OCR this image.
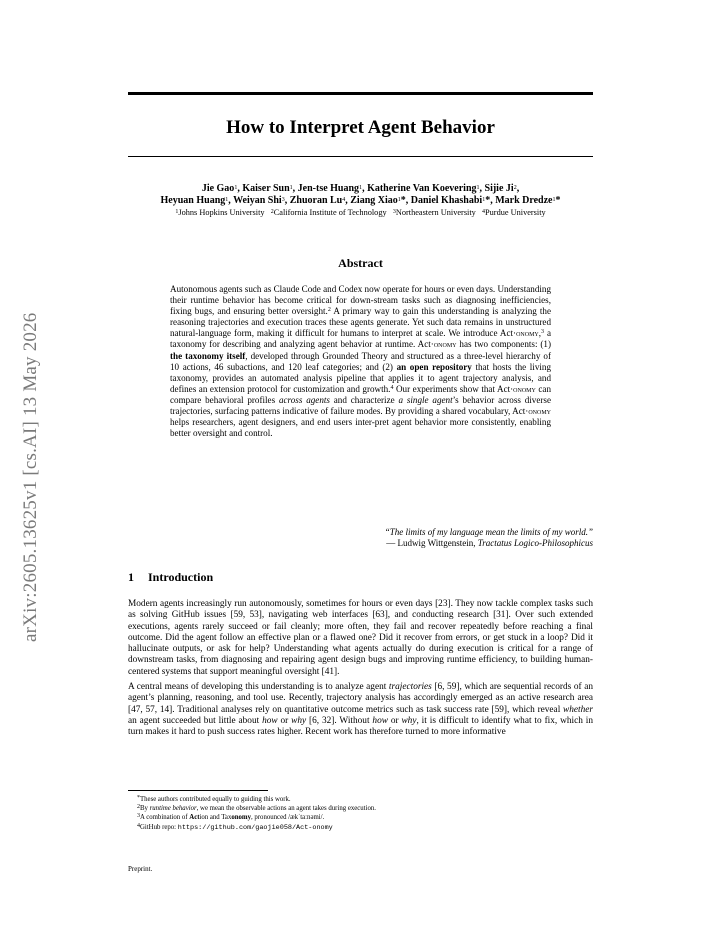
arXiv:2605.13625v1 [cs.AI] 13 May 2026
How to Interpret Agent Behavior

Jie Gao$^1$, Kaiser Sun$^1$, Jen-tse Huang$^1$, Katherine Van Koevering$^1$, Sijie Ji$^2$,
Heyuan Huang$^1$, Weiyan Shi$^3$, Zhuoran Lu$^4$, Ziang Xiao$^1$*, Daniel Khashabi$^1$*, Mark Dredze$^1$*

$^1$Johns Hopkins University   $^2$California Institute of Technology   $^3$Northeastern University   $^4$Purdue University

Abstract

Autonomous agents such as Claude Code and Codex now operate for hours or even days. Understanding their runtime behavior has become critical for down-stream tasks such as diagnosing inefficiencies, fixing bugs, and ensuring better oversight.$^2$ A primary way to gain this understanding is analyzing the reasoning trajectories and execution traces these agents generate. Yet such data remains in unstructured natural-language form, making it difficult for humans to interpret at scale. We introduce Act·onomy,$^3$ a taxonomy for describing and analyzing agent behavior at runtime. Act·onomy has two components: (1) the taxonomy itself, developed through Grounded Theory and structured as a three-level hierarchy of 10 actions, 46 subactions, and 120 leaf categories; and (2) an open repository that hosts the living taxonomy, provides an automated analysis pipeline that applies it to agent trajectory analysis, and defines an extension protocol for customization and growth.$^4$ Our experiments show that Act·onomy can compare behavioral profiles across agents and characterize a single agent’s behavior across diverse trajectories, surfacing patterns indicative of failure modes. By providing a shared vocabulary, Act·onomy helps researchers, agent designers, and end users inter-pret agent behavior more consistently, enabling better oversight and control.

“The limits of my language mean the limits of my world.”
— Ludwig Wittgenstein, Tractatus Logico-Philosophicus
1 Introduction

Modern agents increasingly run autonomously, sometimes for hours or even days [23]. They now tackle complex tasks such as solving GitHub issues [59, 53], navigating web interfaces [63], and conducting research [31]. Over such extended executions, agents rarely succeed or fail cleanly; more often, they fail and recover repeatedly before reaching a final outcome. Did the agent follow an effective plan or a flawed one? Did it recover from errors, or get stuck in a loop? Did it hallucinate outputs, or ask for help? Understanding what agents actually do during execution is critical for a range of downstream tasks, from diagnosing and repairing agent design bugs and improving runtime efficiency, to building human-centered systems that support meaningful oversight [41].

A central means of developing this understanding is to analyze agent trajectories [6, 59], which are sequential records of an agent’s planning, reasoning, and tool use. Recently, trajectory analysis has accordingly emerged as an active research area [47, 57, 14]. Traditional analyses rely on quantitative outcome metrics such as task success rate [59], which reveal whether an agent succeeded but little about how or why [6, 32]. Without how or why, it is difficult to identify what to fix, which in turn makes it hard to push success rates higher. Recent work has therefore turned to more informative

*These authors contributed equally to guiding this work.
$^2$By runtime behavior, we mean the observable actions an agent takes during execution.
$^3$A combination of Action and Taxonomy, pronounced /ækˈtaːnəmi/.
$^4$GitHub repo: https://github.com/gaojie058/Act-onomy

Preprint.
